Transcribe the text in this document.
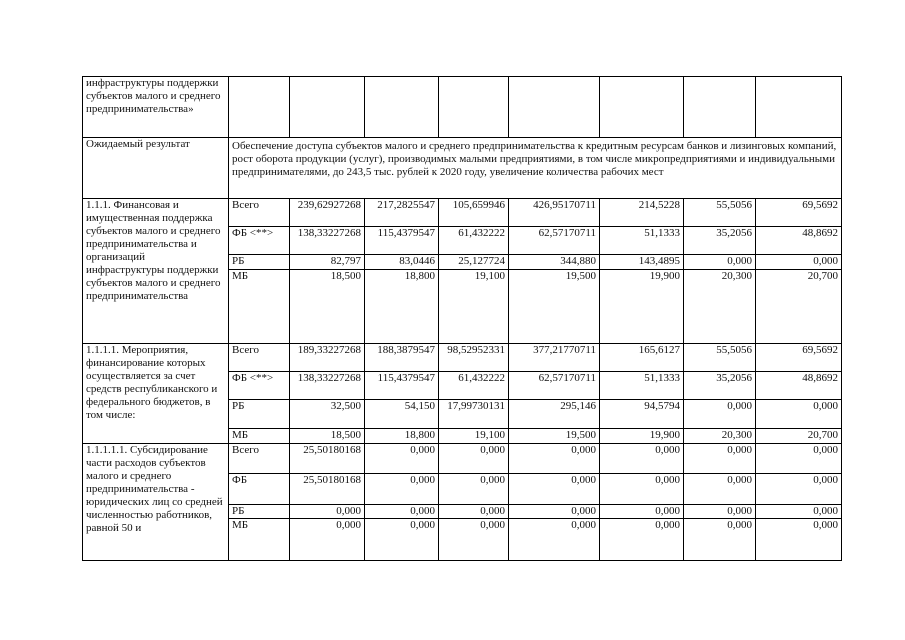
инфраструктуры поддержки субъектов малого и среднего предпринимательства»								
Ожидаемый результат	Обеспечение доступа субъектов малого и среднего предпринимательства к кредитным ресурсам банков и лизинговых компаний, рост оборота продукции (услуг), производимых малыми предприятиями, в том числе микропредприятиями и индивидуальными предпринимателями, до 243,5 тыс. рублей к 2020 году, увеличение количества рабочих мест							
1.1.1. Финансовая и имущественная поддержка субъектов малого и среднего предпринимательства и организаций инфраструктуры поддержки субъектов малого и среднего предпринимательства	Всего	239,62927268	217,2825547	105,659946	426,95170711	214,5228	55,5056	69,5692
	ФБ <**>	138,33227268	115,4379547	61,432222	62,57170711	51,1333	35,2056	48,8692
	РБ	82,797	83,0446	25,127724	344,880	143,4895	0,000	0,000
	МБ	18,500	18,800	19,100	19,500	19,900	20,300	20,700
1.1.1.1. Мероприятия, финансирование которых осуществляется за счет средств республиканского и федерального бюджетов, в том числе:	Всего	189,33227268	188,3879547	98,52952331	377,21770711	165,6127	55,5056	69,5692
	ФБ <**>	138,33227268	115,4379547	61,432222	62,57170711	51,1333	35,2056	48,8692
	РБ	32,500	54,150	17,99730131	295,146	94,5794	0,000	0,000
	МБ	18,500	18,800	19,100	19,500	19,900	20,300	20,700
1.1.1.1.1. Субсидирование части расходов субъектов малого и среднего предпринимательства - юридических лиц со средней численностью работников, равной 50 и	Всего	25,50180168	0,000	0,000	0,000	0,000	0,000	0,000
	ФБ	25,50180168	0,000	0,000	0,000	0,000	0,000	0,000
	РБ	0,000	0,000	0,000	0,000	0,000	0,000	0,000
	МБ	0,000	0,000	0,000	0,000	0,000	0,000	0,000
